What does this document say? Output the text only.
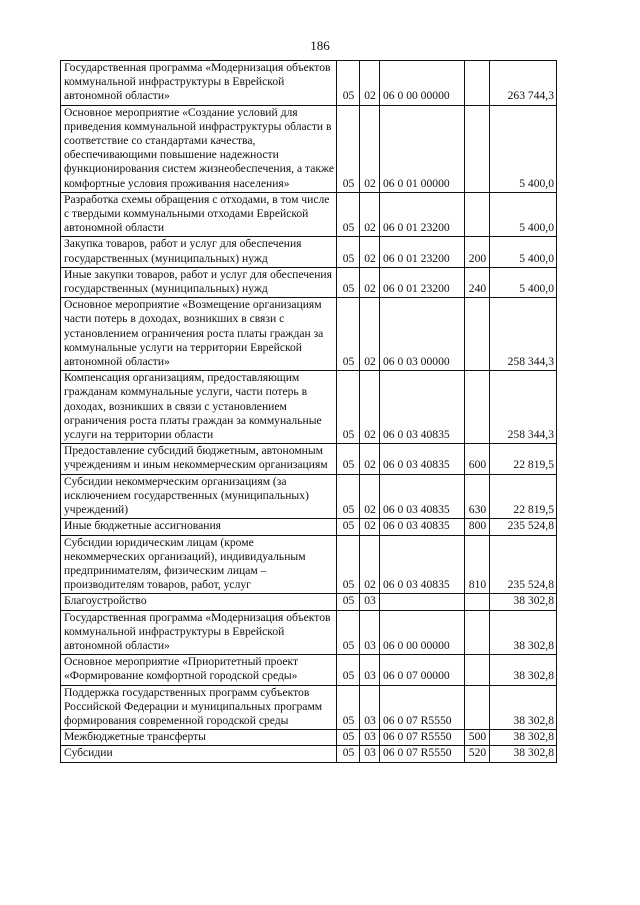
186
Государственная программа «Модернизация объектов коммунальной инфраструктуры в Еврейской автономной области»	05	02	06 0 00 00000		263 744,3
Основное мероприятие «Создание условий для приведения коммунальной инфраструктуры области в соответствие со стандартами качества, обеспечивающими повышение надежности функционирования систем жизнеобеспечения, а также комфортные условия проживания населения»	05	02	06 0 01 00000		5 400,0
Разработка схемы обращения с отходами, в том числе с твердыми коммунальными отходами Еврейской автономной области	05	02	06 0 01 23200		5 400,0
Закупка товаров, работ и услуг для обеспечения государственных (муниципальных) нужд	05	02	06 0 01 23200	200	5 400,0
Иные закупки товаров, работ и услуг для обеспечения государственных (муниципальных) нужд	05	02	06 0 01 23200	240	5 400,0
Основное мероприятие «Возмещение организациям части потерь в доходах, возникших в связи с установлением ограничения роста платы граждан за коммунальные услуги на территории Еврейской автономной области»	05	02	06 0 03 00000		258 344,3
Компенсация организациям, предоставляющим гражданам коммунальные услуги, части потерь в доходах, возникших в связи с установлением ограничения роста платы граждан за коммунальные услуги на территории области	05	02	06 0 03 40835		258 344,3
Предоставление субсидий бюджетным, автономным учреждениям и иным некоммерческим организациям	05	02	06 0 03 40835	600	22 819,5
Субсидии некоммерческим организациям (за исключением государственных (муниципальных) учреждений)	05	02	06 0 03 40835	630	22 819,5
Иные бюджетные ассигнования	05	02	06 0 03 40835	800	235 524,8
Субсидии юридическим лицам (кроме некоммерческих организаций), индивидуальным предпринимателям, физическим лицам – производителям товаров, работ, услуг	05	02	06 0 03 40835	810	235 524,8
Благоустройство	05	03			38 302,8
Государственная программа «Модернизация объектов коммунальной инфраструктуры в Еврейской автономной области»	05	03	06 0 00 00000		38 302,8
Основное мероприятие «Приоритетный проект «Формирование комфортной городской среды»	05	03	06 0 07 00000		38 302,8
Поддержка государственных программ субъектов Российской Федерации и муниципальных программ формирования современной городской среды	05	03	06 0 07 R5550		38 302,8
Межбюджетные трансферты	05	03	06 0 07 R5550	500	38 302,8
Субсидии	05	03	06 0 07 R5550	520	38 302,8
